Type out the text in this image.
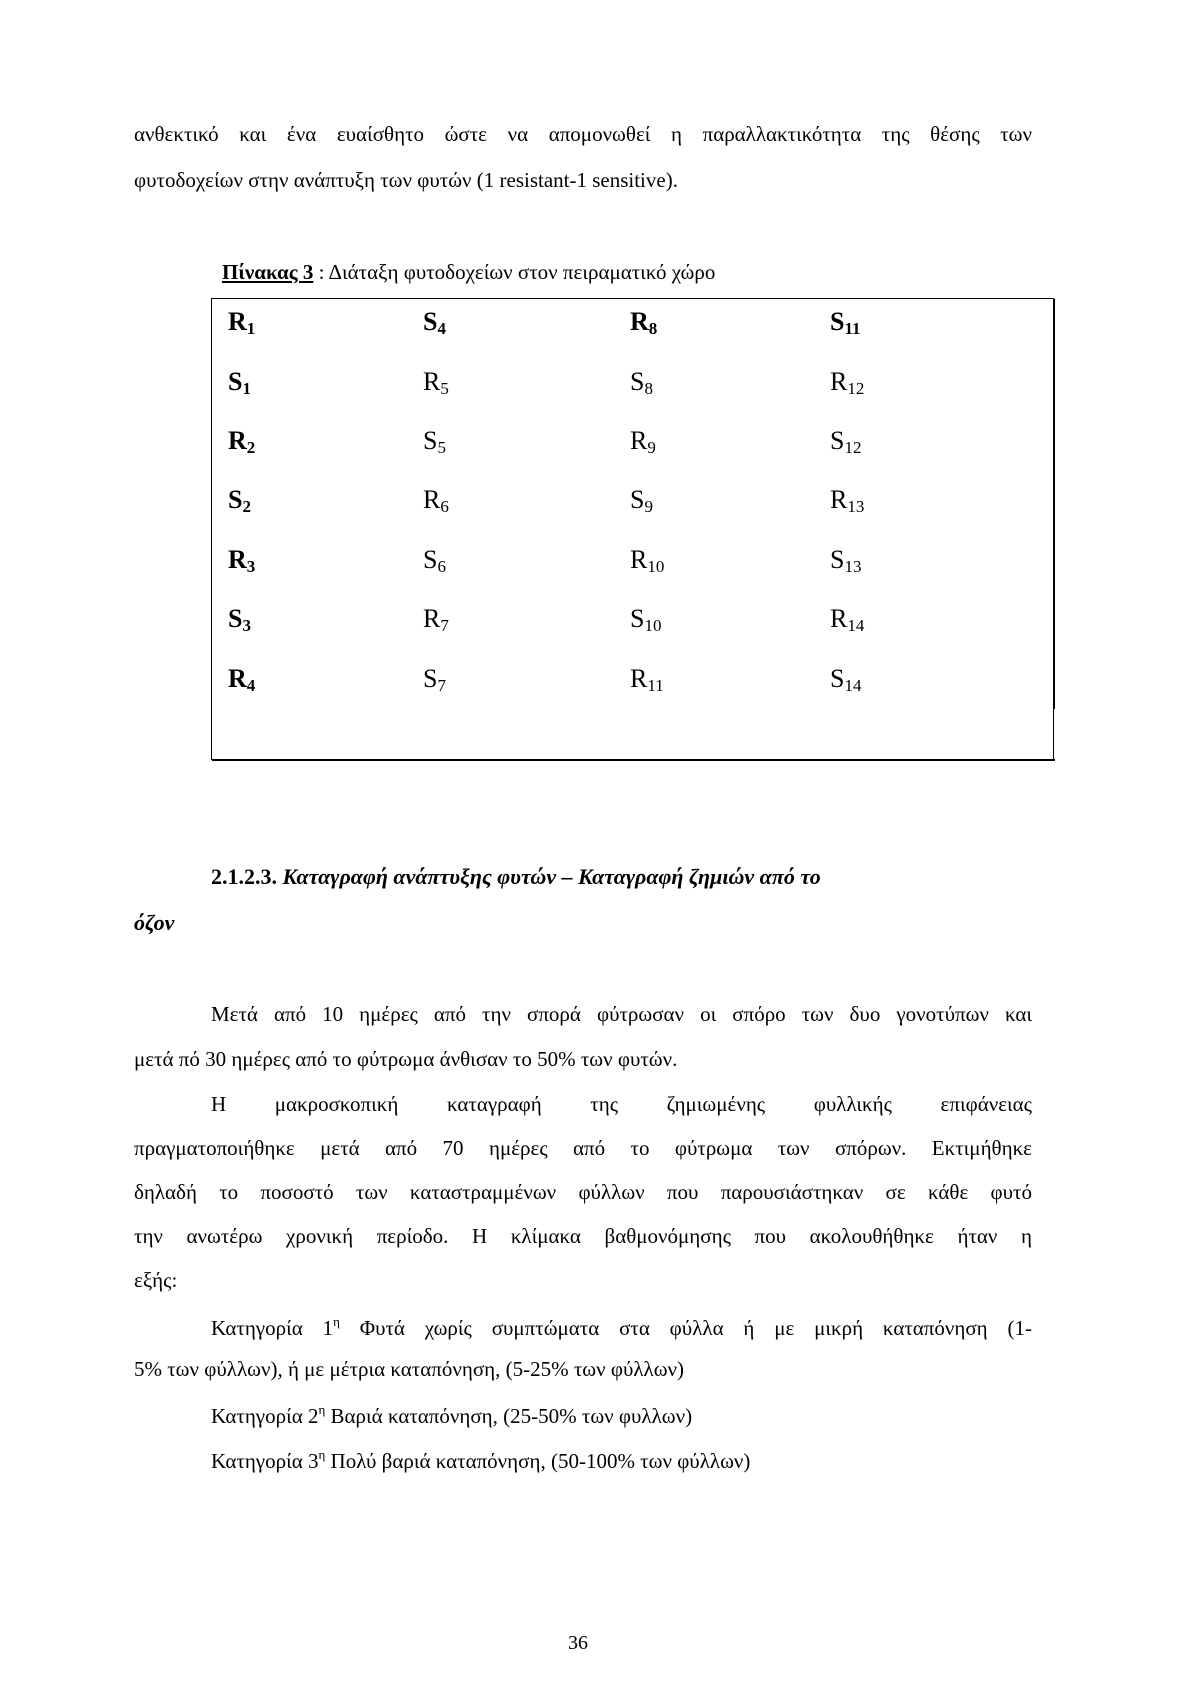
ανθεκτικό και ένα ευαίσθητο ώστε να απομονωθεί η παραλλακτικότητα της θέσης των
φυτοδοχείων στην ανάπτυξη των φυτών (1 resistant-1 sensitive).
Πίνακας 3 : Διάταξη φυτοδοχείων στον πειραματικό χώρο
$R_1$	$S_4$	$R_8$	$S_{11}$
$S_1$	$R_5$	$S_8$	$R_{12}$
$R_2$	$S_5$	$R_9$	$S_{12}$
$S_2$	$R_6$	$S_9$	$R_{13}$
$R_3$	$S_6$	$R_{10}$	$S_{13}$
$S_3$	$R_7$	$S_{10}$	$R_{14}$
$R_4$	$S_7$	$R_{11}$	$S_{14}$
2.1.2.3. Καταγραφή ανάπτυξης φυτών – Καταγραφή ζημιών από το
όζον
Μετά από 10 ημέρες από την σπορά φύτρωσαν οι σπόρο των δυο γονοτύπων και
μετά πό 30 ημέρες από το φύτρωμα άνθισαν το 50% των φυτών.
Η μακροσκοπική καταγραφή της ζημιωμένης φυλλικής επιφάνειας
πραγματοποιήθηκε μετά από 70 ημέρες από το φύτρωμα των σπόρων. Εκτιμήθηκε
δηλαδή το ποσοστό των καταστραμμένων φύλλων που παρουσιάστηκαν σε κάθε φυτό
την ανωτέρω χρονική περίοδο. Η κλίμακα βαθμονόμησης που ακολουθήθηκε ήταν η
εξής:
Κατηγορία $1^\eta$ Φυτά χωρίς συμπτώματα στα φύλλα ή με μικρή καταπόνηση (1-
5% των φύλλων), ή με μέτρια καταπόνηση, (5-25% των φύλλων)
Κατηγορία $2^\eta$ Βαριά καταπόνηση, (25-50% των φυλλων)
Κατηγορία $3^\eta$ Πολύ βαριά καταπόνηση, (50-100% των φύλλων)
36
